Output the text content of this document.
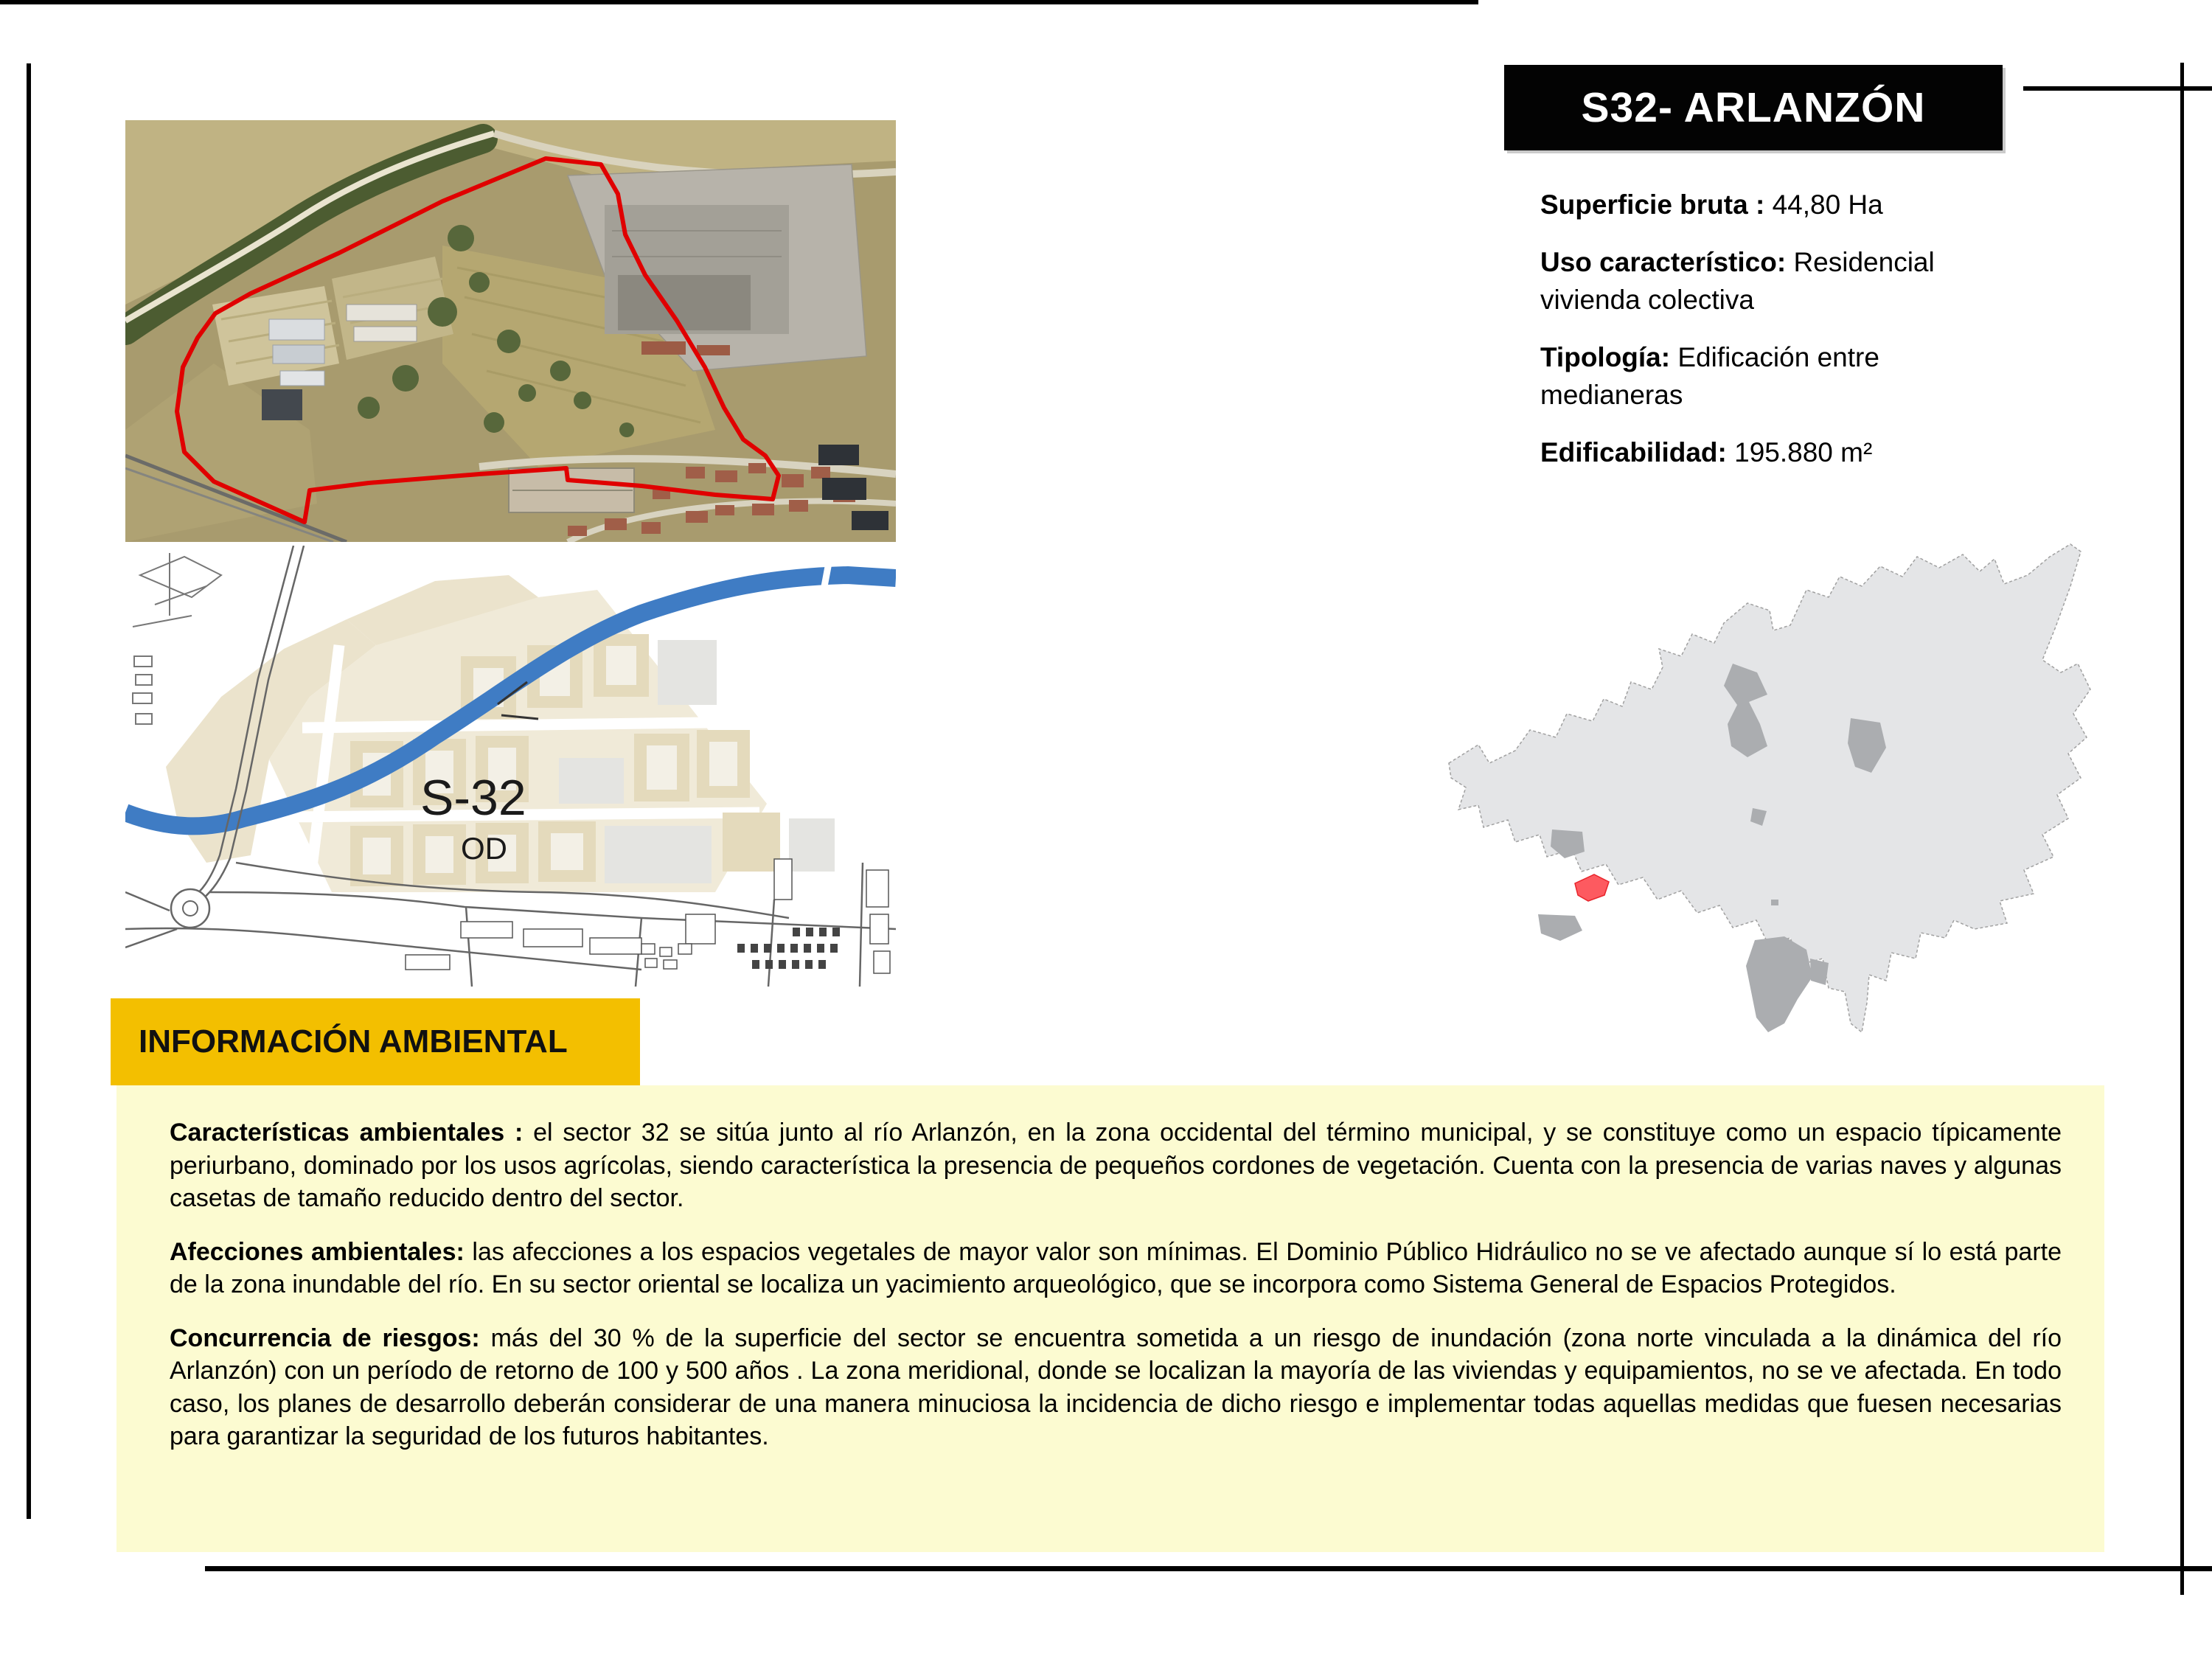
S32- ARLANZÓN

Superficie bruta : 44,80 Ha

Uso característico: Residencial vivienda colectiva

Tipología: Edificación entre medianeras

Edificabilidad: 195.880 m²

S-32
OD
INFORMACIÓN AMBIENTAL

Características ambientales : el sector 32 se sitúa junto al río Arlanzón, en la zona occidental del término municipal, y se constituye como un espacio típicamente periurbano, dominado por los usos agrícolas, siendo característica la presencia de pequeños cordones de vegetación. Cuenta con la presencia de varias naves y algunas casetas de tamaño reducido dentro del sector.

Afecciones ambientales: las afecciones a los espacios vegetales de mayor valor son mínimas. El Dominio Público Hidráulico no se ve afectado aunque sí lo está parte de la zona inundable del río. En su sector oriental se localiza un yacimiento arqueológico, que se incorpora como Sistema General de Espacios Protegidos.

Concurrencia de riesgos: más del 30 % de la superficie del sector se encuentra sometida a un riesgo de inundación (zona norte vinculada a la dinámica del río Arlanzón) con un período de retorno de 100 y 500 años . La zona meridional, donde se localizan la mayoría de las viviendas y equipamientos, no se ve afectada. En todo caso, los planes de desarrollo deberán considerar de una manera minuciosa la incidencia de dicho riesgo e implementar todas aquellas medidas que fuesen necesarias para garantizar la seguridad de los futuros habitantes.
